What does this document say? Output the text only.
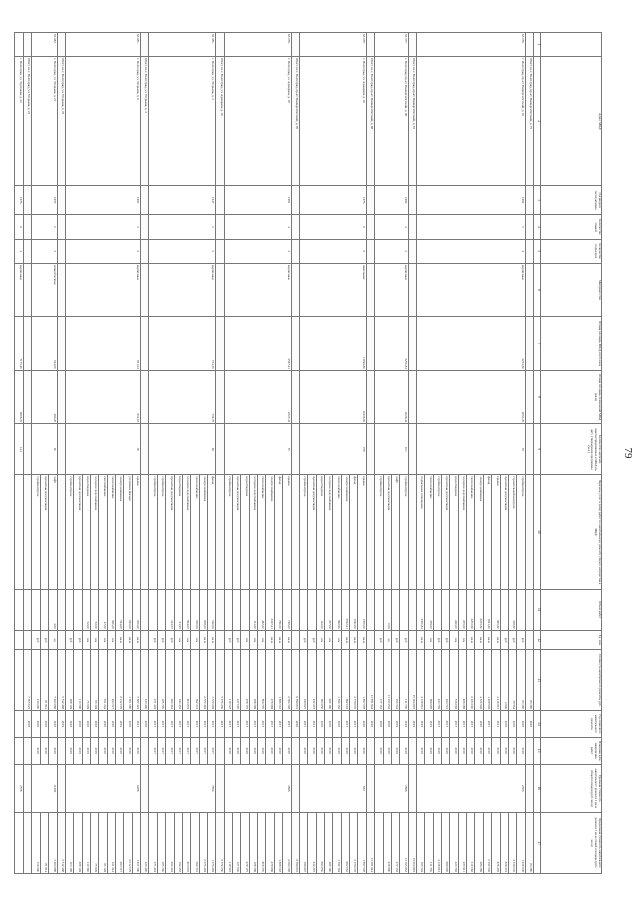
79
	Адрес МКД	Год ввода в эксплуатацию	Количество этажей	Количество подъездов	Материал стен	Общая площадь МКД, всего кв.м	Общая площадь помещений МКД (кв.м)	Количество жителей, зарегистрированных в МКД на дату утверждения программы (чел.)	Перечень услуг и (или) работ по капитальному ремонту общего имущества в МКД	Объем работ	Ед. изм.	Стоимость капитального ремонта, руб.	Год планового капитального ремонта	Плановая дата завершения работ	Удельная стоимость капитального ремонта 1 кв.м общей площади (руб./кв.м)	Предельная стоимость капитального ремонта 1 кв.м общей площади (руб./кв.м)
1	2	3	4	5	6	7	8	9	10	11	12	13	14	15	16	17
	Итого по г. Волгоград, пр-кт Университетский, д. 75											83 380	2018			83 380
63.376.	г. Волгоград, пр-кт Университетский, д. 91	1962	5	4	кирпичные	2253,60	2061,20	72	стройконтроль		руб	83 380	2018	2018	2306	1 938 936
									строительный контроль	318,60	руб	79 564	2018	2018		4 539 032
									проектная документация		руб	4 640	2018	2018		829 474
									крыша	695,60	кв.м	4 418 813	2017	2018		878 476
									фасад	1821,20	кв.м	1 938 936	2017	2018		2 190 506
									электроснабжение	2253,60	кв.м	4 530 692	2018	2018		486 389
									теплоснабжение	2253,60	кв.м	2 183 000	2017	2018		310 082
									холодное водоснабжение	235,00	п.м	486 389	2017	2018		225 911
									водоотведение	240,00	п.м	516 082	2017	2018		223 792
									проектная документация		руб	223 512	2017	2018		699 695
									стройконтроль		руб	233 792	2017	2018		4 138 812
									теплоснабжение	479,00	п.м	699 695	2019	2019		111 730
									подвальные помещения	2300,84	кв.м	4 138 812	2019	2019		165 544
	Итого по г. Волгоград, пр-кт Университетский, д. 91											15 004 816	2019			15 004 816
63.377.	г. Волгоград, пр-кт Университетский, д. 98	1962	4	3	кирпичные	2230,84	2028,44	101	стройконтроль		руб	111 730	2019	2019	7866	11 165 832
									лифт		руб	165 544	2019	2019		177 152
									проектная документация	0,00	ед	11 165 832	2018	2018		238 960
									стройконтроль		руб	177 152	2018	2018		
	Итого по г. Волгоград, пр-кт Университетский, д. 98											11 581 944	2018			11 581 944
63.378.	г. Волгоград, ул. Адмирала, д. 16	1976	9	6	панельные	13096,80	11916,60	476	крыша	1700,00	кв.м	1 867 578	2018	2018	972	1 867 578
									фасад	1520,00	кв.м	3 779 035	2017	2018		3 779 035
									электроснабжение	2522,21	кв.м	962 002	2017	2018		962 002
									теплоснабжение	962,90	п.м	1 590 164	2018	2018		1 590 164
									холодное водоснабжение	237,00	п.м	480 180	2018	2018		480 180
									водоотведение	112,00	п.м	663 850	2018	2018		663 850
									проектная документация		руб	232 207	2017	2018		232 207
									стройконтроль		руб	199 827	2017	2018		199 827
	Итого по г. Волгоград, пр-кт Университетский, д. 95											9 769 831	2018			9 769 831
63.379.	г. Волгоград, ул. Адмирала, д. 18	1961	4	3	кирпичные	2527,41	2327,41	57	крыша	748,00	кв.м	2 084 508	2017	2018	3866	2 084 508
									фасад	760,00	кв.м	1 886 518	2017	2018		1 886 518
									электроснабжение	2347,41	кв.м	279 966	2017	2018		279 966
									теплоснабжение	482,00	п.м	806 770	2017	2018		806 770
									холодное водоснабжение	111,00	п.м	188 396	2017	2018		188 396
									водоотведение		п.м	278 175	2017	2018		278 175
									проектная документация		руб	127 000	2017	2018		127 000
									стройконтроль		руб	118 523	2017	2018		118 523
	Итого по г. Волгоград, ул. Адмирала, д. 16											5 770 350	2017			5 770 350
62.380.	г. Волгоград, ул. Угорьева, д. 4	1947	2	2	кирпичные	734,70	734,70	46	фасад	540,00	кв.м	1 370 209	2017	2017	7854	1 370 209
									электроснабжение	938,00	кв.м	2 370 494	2017	2017		2 370 494
									теплоснабжение	910,00	п.м	362 331	2017	2017		362 331
									холодное водоснабжение	964,00	п.м	903 872	2017	2017		903 872
									водоотведение	91,95	п.м	194 452	2017	2017		194 452
									проектная документация	124,57	руб	264 404	2017	2017		264 404
									стройконтроль		руб	185 700	2017	2017		185 700
									стройконтроль		руб	171 404	2017	2017		171 404
	Итого по г. Волгоград, ул. Угорьева, д. 4											123 400	2018			123 400
63.381.	г. Волгоград, ул. Угорьева, д. 6	1961	3	2	кирпичные	951,03	951,03	30	крыша	500,00	кв.м	5 687 424	2017	2018	6288	1 651 580
									утепление фасада	645,00	кв.м	1 651 580	2018	2018		2 012 076
									электроснабжение	524,00	кв.м	2 012 076	2019	2019		263 517
									теплоснабжение	960,00	п.м	263 517	2018	2018		611 344
									газоснабжение	47,00	п.м	611 344	2018	2018		65 149
									холодное водоснабжение	52,00	п.м	65 149	2018	2019		75 939
									водоотведение	52,00	п.м	75 939	2018	2019		110 590
									проектная документация		руб	110 590	2018	2019		288 149
									стройконтроль		руб	288 149	2018	2019		103 168
	Итого по г. Волгоград, ул. Угорьева, д. 35											5 512 498	2019			5 512 498
63.382.	г. Волгоград, ул. Угорьева, д. 21	1950	2	2	шлакоблочные	524,00	460,20	20	лифт	4,00	ед	7 463 888	2018	2018	11209	7 463 888
									проектная документация		руб	81 814	2018	2018		81 814
									стройконтроль		руб	159 290	2018	2018		159 290
	Итого по г. Волгоград, ул. Угорьева, д. 21											7 705 021	2018			
	г. Волгоград, ул. Тургенева, д. 23	1976	9	4	кирпичные	7175,20	6608,30	144							3578	
